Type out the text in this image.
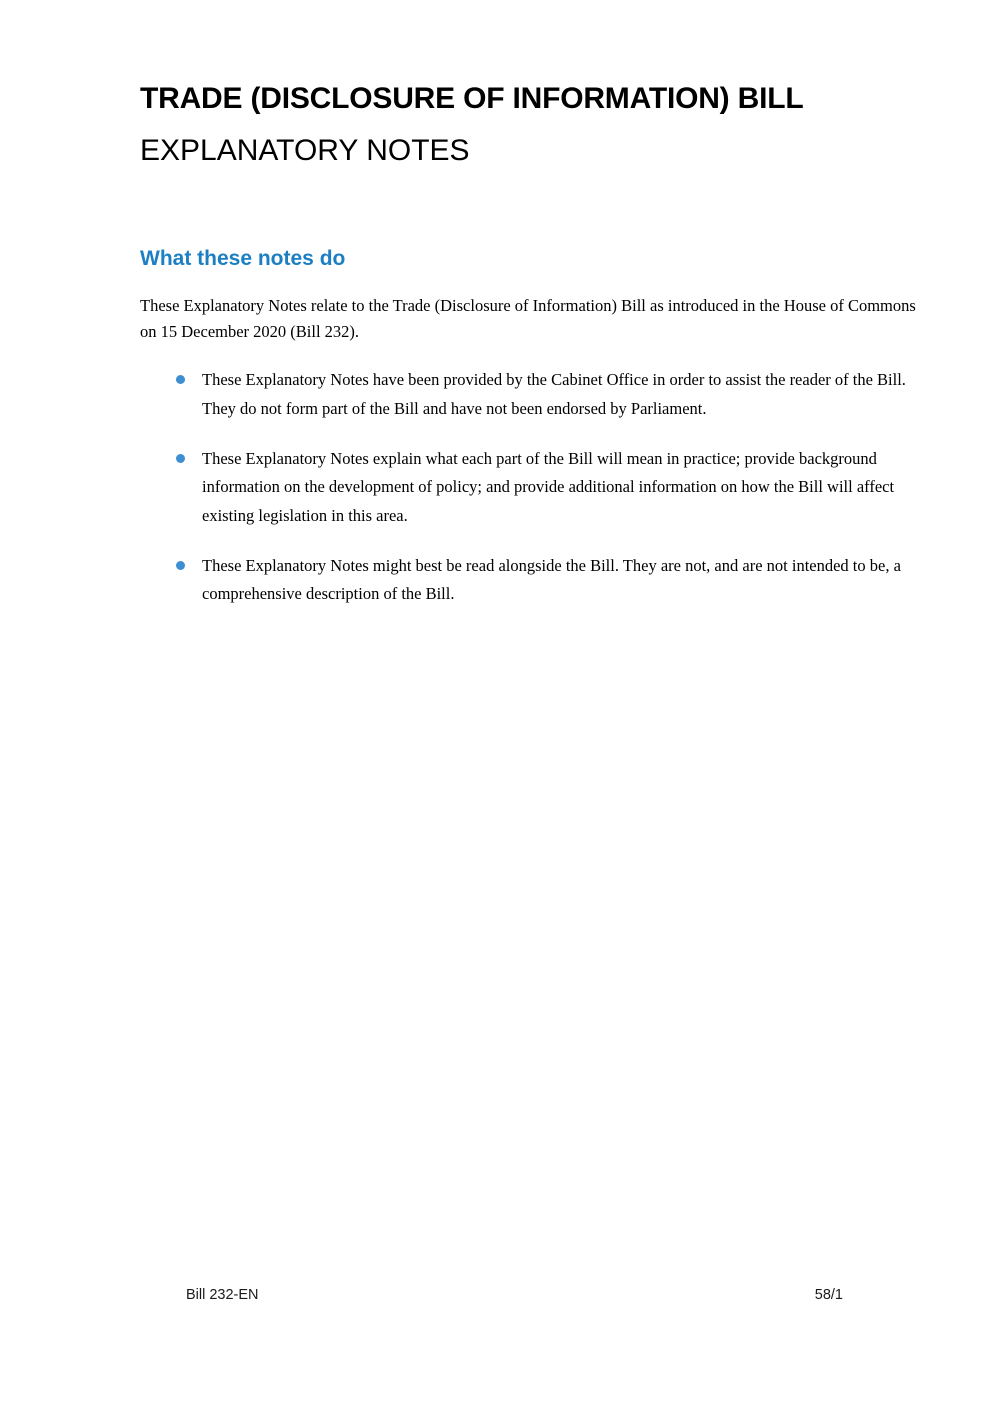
TRADE (DISCLOSURE OF INFORMATION) BILL
EXPLANATORY NOTES
What these notes do

These Explanatory Notes relate to the Trade (Disclosure of Information) Bill as introduced in the House of Commons on 15 December 2020 (Bill 232).

These Explanatory Notes have been provided by the Cabinet Office in order to assist the reader of the Bill. They do not form part of the Bill and have not been endorsed by Parliament.
These Explanatory Notes explain what each part of the Bill will mean in practice; provide background information on the development of policy; and provide additional information on how the Bill will affect existing legislation in this area.
These Explanatory Notes might best be read alongside the Bill. They are not, and are not intended to be, a comprehensive description of the Bill.
Bill 232-EN	58/1
